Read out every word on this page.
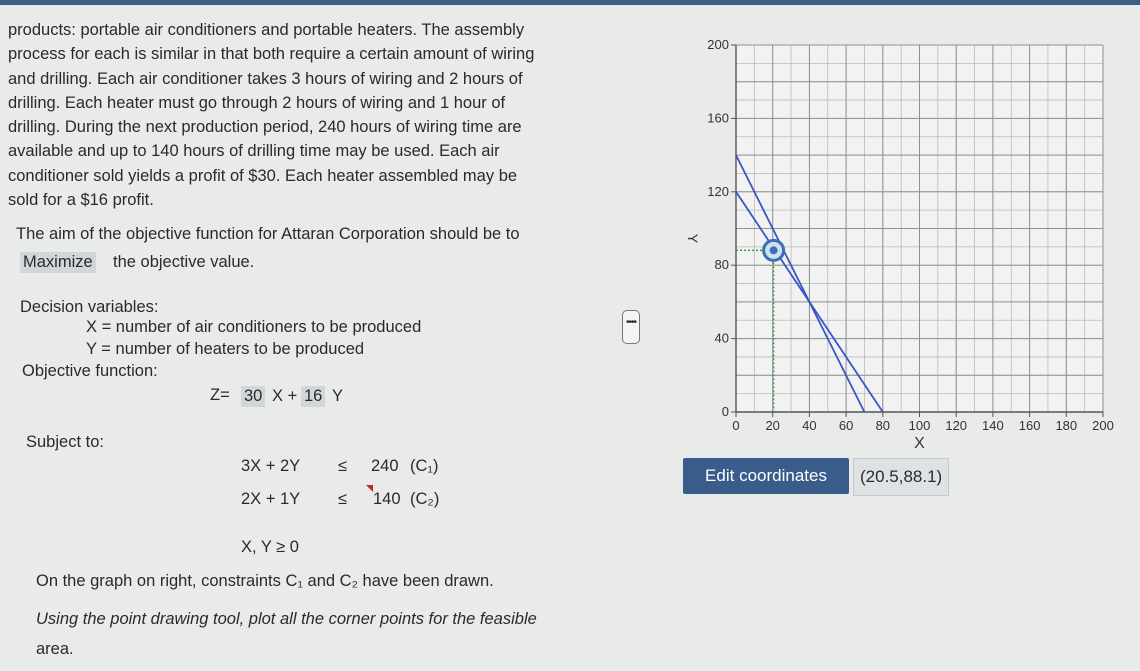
products: portable air conditioners and portable heaters. The assembly
process for each is similar in that both require a certain amount of wiring
and drilling. Each air conditioner takes 3 hours of wiring and 2 hours of
drilling. Each heater must go through 2 hours of wiring and 1 hour of
drilling. During the next production period, 240 hours of wiring time are
available and up to 140 hours of drilling time may be used. Each air
conditioner sold yields a profit of $30. Each heater assembled may be
sold for a $16 profit.
The aim of the objective function for Attaran Corporation should be to
Maximize the objective value.
Decision variables:
X = number of air conditioners to be produced
Y = number of heaters to be produced
Objective function:
Z= 30 X + 16 Y
Subject to:
3X + 2Y ≤ 240 (C₁)
2X + 1Y ≤ 140 (C₂)
X, Y ≥ 0
On the graph on right, constraints C₁ and C₂ have been drawn.
Using the point drawing tool, plot all the corner points for the feasible
area.
••••
0 20 40 60 80 100 120 140 160 180 200
0
40
80
120
160
200
X
Y
Edit coordinates	(20.5,88.1)
